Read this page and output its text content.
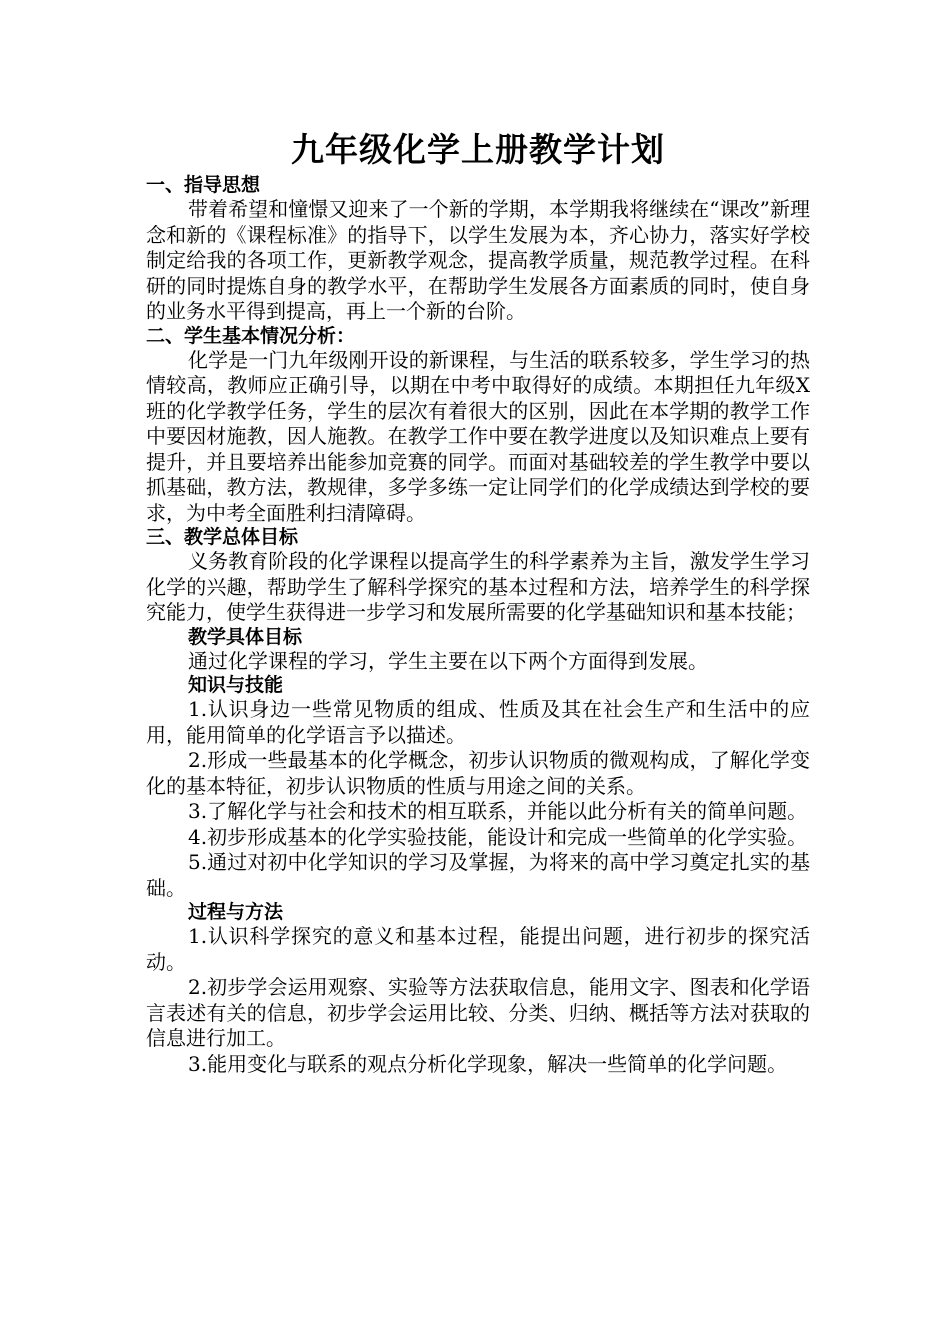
九年级化学上册教学计划
一、指导思想

带着希望和憧憬又迎来了一个新的学期，本学期我将继续在“课改”新理念和新的《课程标准》的指导下，以学生发展为本，齐心协力，落实好学校制定给我的各项工作，更新教学观念，提高教学质量，规范教学过程。在科研的同时提炼自身的教学水平，在帮助学生发展各方面素质的同时，使自身的业务水平得到提高，再上一个新的台阶。

二、学生基本情况分析：

化学是一门九年级刚开设的新课程，与生活的联系较多，学生学习的热情较高，教师应正确引导，以期在中考中取得好的成绩。本期担任九年级X班的化学教学任务，学生的层次有着很大的区别，因此在本学期的教学工作中要因材施教，因人施教。在教学工作中要在教学进度以及知识难点上要有提升，并且要培养出能参加竞赛的同学。而面对基础较差的学生教学中要以抓基础，教方法，教规律，多学多练一定让同学们的化学成绩达到学校的要求，为中考全面胜利扫清障碍。

三、教学总体目标

义务教育阶段的化学课程以提高学生的科学素养为主旨，激发学生学习化学的兴趣，帮助学生了解科学探究的基本过程和方法，培养学生的科学探究能力，使学生获得进一步学习和发展所需要的化学基础知识和基本技能；

教学具体目标

通过化学课程的学习，学生主要在以下两个方面得到发展。

知识与技能

1.认识身边一些常见物质的组成、性质及其在社会生产和生活中的应用，能用简单的化学语言予以描述。

2.形成一些最基本的化学概念，初步认识物质的微观构成，了解化学变化的基本特征，初步认识物质的性质与用途之间的关系。

3.了解化学与社会和技术的相互联系，并能以此分析有关的简单问题。

4.初步形成基本的化学实验技能，能设计和完成一些简单的化学实验。

5.通过对初中化学知识的学习及掌握，为将来的高中学习奠定扎实的基础。

过程与方法

1.认识科学探究的意义和基本过程，能提出问题，进行初步的探究活动。

2.初步学会运用观察、实验等方法获取信息，能用文字、图表和化学语言表述有关的信息，初步学会运用比较、分类、归纳、概括等方法对获取的信息进行加工。

3.能用变化与联系的观点分析化学现象，解决一些简单的化学问题。
